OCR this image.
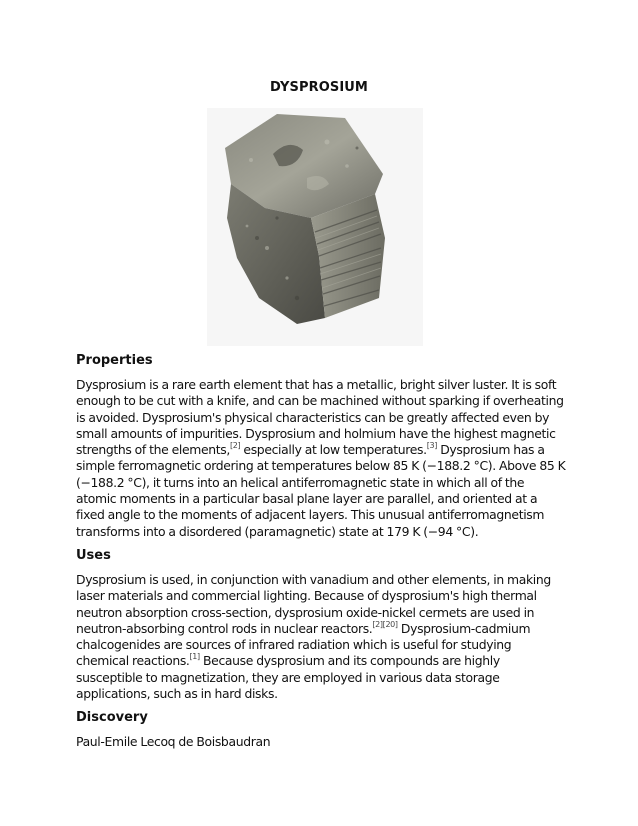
DYSPROSIUM
Properties

Dysprosium is a rare earth element that has a metallic, bright silver luster. It is soft enough to be cut with a knife, and can be machined without sparking if overheating is avoided. Dysprosium's physical characteristics can be greatly affected even by small amounts of impurities. Dysprosium and holmium have the highest magnetic strengths of the elements,[2] especially at low temperatures.[3] Dysprosium has a simple ferromagnetic ordering at temperatures below 85 K (−188.2 °C). Above 85 K (−188.2 °C), it turns into an helical antiferromagnetic state in which all of the atomic moments in a particular basal plane layer are parallel, and oriented at a fixed angle to the moments of adjacent layers. This unusual antiferromagnetism transforms into a disordered (paramagnetic) state at 179 K (−94 °C).

Uses

Dysprosium is used, in conjunction with vanadium and other elements, in making laser materials and commercial lighting. Because of dysprosium's high thermal neutron absorption cross-section, dysprosium oxide-nickel cermets are used in neutron-absorbing control rods in nuclear reactors.[2][20] Dysprosium-cadmium chalcogenides are sources of infrared radiation which is useful for studying chemical reactions.[1] Because dysprosium and its compounds are highly susceptible to magnetization, they are employed in various data storage applications, such as in hard disks.

Discovery

Paul-Emile Lecoq de Boisbaudran
